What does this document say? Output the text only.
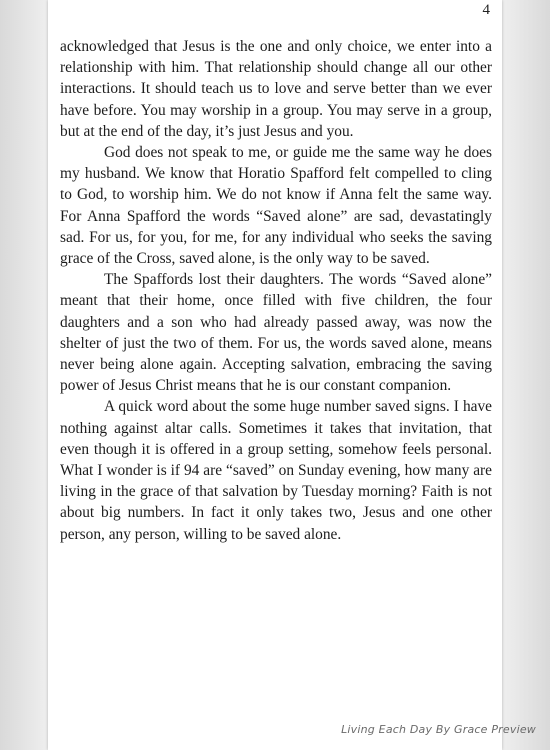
4

acknowledged that Jesus is the one and only choice, we enter into a relationship with him. That relationship should change all our other interactions. It should teach us to love and serve better than we ever have before. You may worship in a group. You may serve in a group, but at the end of the day, it’s just Jesus and you.

God does not speak to me, or guide me the same way he does my husband. We know that Horatio Spafford felt compelled to cling to God, to worship him. We do not know if Anna felt the same way. For Anna Spafford the words “Saved alone” are sad, devastatingly sad. For us, for you, for me, for any individual who seeks the saving grace of the Cross, saved alone, is the only way to be saved.

The Spaffords lost their daughters. The words “Saved alone” meant that their home, once filled with five children, the four daughters and a son who had already passed away, was now the shelter of just the two of them. For us, the words saved alone, means never being alone again. Accepting salvation, embracing the saving power of Jesus Christ means that he is our constant companion.

A quick word about the some huge number saved signs. I have nothing against altar calls. Sometimes it takes that invitation, that even though it is offered in a group setting, somehow feels personal. What I wonder is if 94 are “saved” on Sunday evening, how many are living in the grace of that salvation by Tuesday morning? Faith is not about big numbers. In fact it only takes two, Jesus and one other person, any person, willing to be saved alone.

Living Each Day By Grace Preview
